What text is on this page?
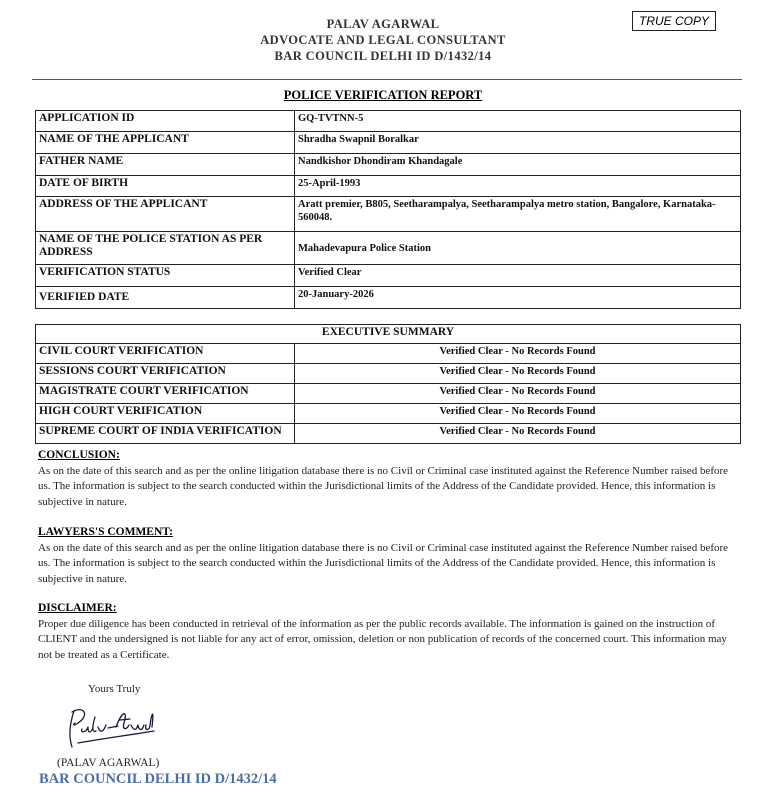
PALAV AGARWAL
ADVOCATE AND LEGAL CONSULTANT
BAR COUNCIL DELHI ID D/1432/14
TRUE COPY
POLICE VERIFICATION REPORT
APPLICATION ID	GQ-TVTNN-5
NAME OF THE APPLICANT	Shradha Swapnil Boralkar
FATHER NAME	Nandkishor Dhondiram Khandagale
DATE OF BIRTH	25-April-1993
ADDRESS OF THE APPLICANT	Aratt premier, B805, Seetharampalya, Seetharampalya metro station, Bangalore, Karnataka-560048.
NAME OF THE POLICE STATION AS PER ADDRESS	Mahadevapura Police Station
VERIFICATION STATUS	Verified Clear
VERIFIED DATE	20-January-2026
EXECUTIVE SUMMARY	
CIVIL COURT VERIFICATION	Verified Clear - No Records Found
SESSIONS COURT VERIFICATION	Verified Clear - No Records Found
MAGISTRATE COURT VERIFICATION	Verified Clear - No Records Found
HIGH COURT VERIFICATION	Verified Clear - No Records Found
SUPREME COURT OF INDIA VERIFICATION	Verified Clear - No Records Found
CONCLUSION:
As on the date of this search and as per the online litigation database there is no Civil or Criminal case instituted against the Reference Number raised before us. The information is subject to the search conducted within the Jurisdictional limits of the Address of the Candidate provided. Hence, this information is subjective in nature.
LAWYERS'S COMMENT:
As on the date of this search and as per the online litigation database there is no Civil or Criminal case instituted against the Reference Number raised before us. The information is subject to the search conducted within the Jurisdictional limits of the Address of the Candidate provided. Hence, this information is subjective in nature.
DISCLAIMER:
Proper due diligence has been conducted in retrieval of the information as per the public records available. The information is gained on the instruction of CLIENT and the undersigned is not liable for any act of error, omission, deletion or non publication of records of the concerned court. This information may not be treated as a Certificate.
Yours Truly
(PALAV AGARWAL)
BAR COUNCIL DELHI ID D/1432/14
